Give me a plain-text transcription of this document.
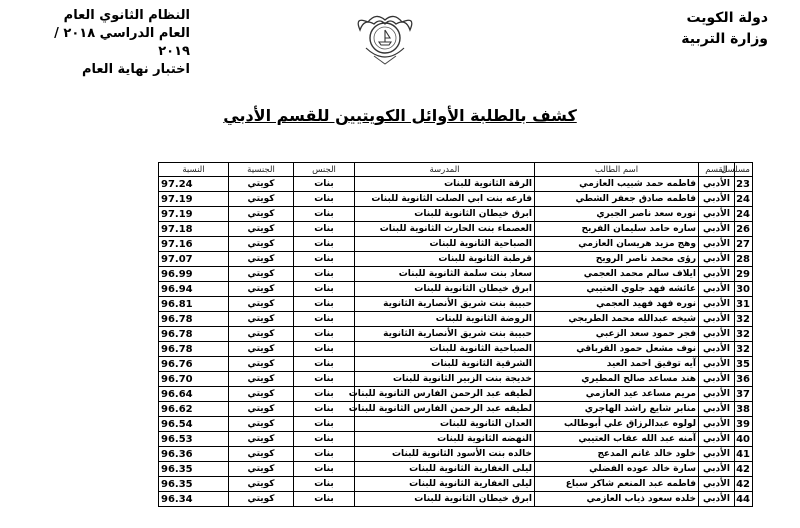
دولة الكويت
وزارة التربية
النظام الثانوي العام
العام الدراسي ٢٠١٨ / ٢٠١٩
اختبار نهاية العام
كشف بالطلبة الأوائل الكويتيين للقسم الأدبي
مسلسل	القسم	اسم الطالب	المدرسة	الجنس	الجنسية	النسبة
23	الأدبي	فاطمه حمد شبيب العازمي	الرقة الثانوية للبنات	بنات	كويتي	97.24
24	الأدبي	فاطمه صادق جعفر الشطي	فارعه بنت ابي الصلت الثانوية للبنات	بنات	كويتي	97.19
24	الأدبي	نوره سعد ناصر الجبري	ابرق خيطان الثانوية للبنات	بنات	كويتي	97.19
26	الأدبي	ساره حامد سليمان الفريح	العصماء بنت الحارث الثانوية للبنات	بنات	كويتي	97.18
27	الأدبي	وهج مزيد هريسان العازمي	الصباحية الثانوية للبنات	بنات	كويتي	97.16
28	الأدبي	رؤى محمد ناصر الرويح	قرطبة الثانوية للبنات	بنات	كويتي	97.07
29	الأدبي	ايلاف سالم محمد العجمي	سعاد بنت سلمة الثانوية للبنات	بنات	كويتي	96.99
30	الأدبي	عائشه فهد جلوي العتيبي	ابرق خيطان الثانوية للبنات	بنات	كويتي	96.94
31	الأدبي	نوره فهد فهيد العجمي	حبيبة بنت شريق الأنصارية الثانوية	بنات	كويتي	96.81
32	الأدبي	شيخه عبدالله محمد الطريجي	الروضة الثانوية للبنات	بنات	كويتي	96.78
32	الأدبي	فجر حمود سعد الزعبي	حبيبة بنت شريق الأنصارية الثانوية	بنات	كويتي	96.78
32	الأدبي	نوف مشعل حمود القرباقي	الصباحية الثانوية للبنات	بنات	كويتي	96.78
35	الأدبي	آيه توفيق احمد العيد	الشرقية الثانوية للبنات	بنات	كويتي	96.76
36	الأدبي	هند مساعد صالح المطيري	خديجة بنت الزبير الثانوية للبنات	بنات	كويتي	96.70
37	الأدبي	مريم مساعد عيد العازمي	لطيفه عبد الرحمن الفارس الثانوية للبنات	بنات	كويتي	96.64
38	الأدبي	منابر شايع راشد الهاجري	لطيفه عبد الرحمن الفارس الثانوية للبنات	بنات	كويتي	96.62
39	الأدبي	لولوه عبدالرزاق علي أبوطالب	العدان الثانوية للبنات	بنات	كويتي	96.54
40	الأدبي	آمنه عبد الله عقاب العتيبي	النهضه الثانوية للبنات	بنات	كويتي	96.53
41	الأدبي	خلود خالد غانم المدعج	خالده بنت الأسود الثانوية للبنات	بنات	كويتي	96.36
42	الأدبي	سارة خالد عوده الفضلي	ليلى الغفارية الثانوية للبنات	بنات	كويتي	96.35
42	الأدبي	فاطمه عبد المنعم شاكر سباع	ليلى الغفارية الثانوية للبنات	بنات	كويتي	96.35
44	الأدبي	خلده سعود ذياب العازمي	ابرق خيطان الثانوية للبنات	بنات	كويتي	96.34
